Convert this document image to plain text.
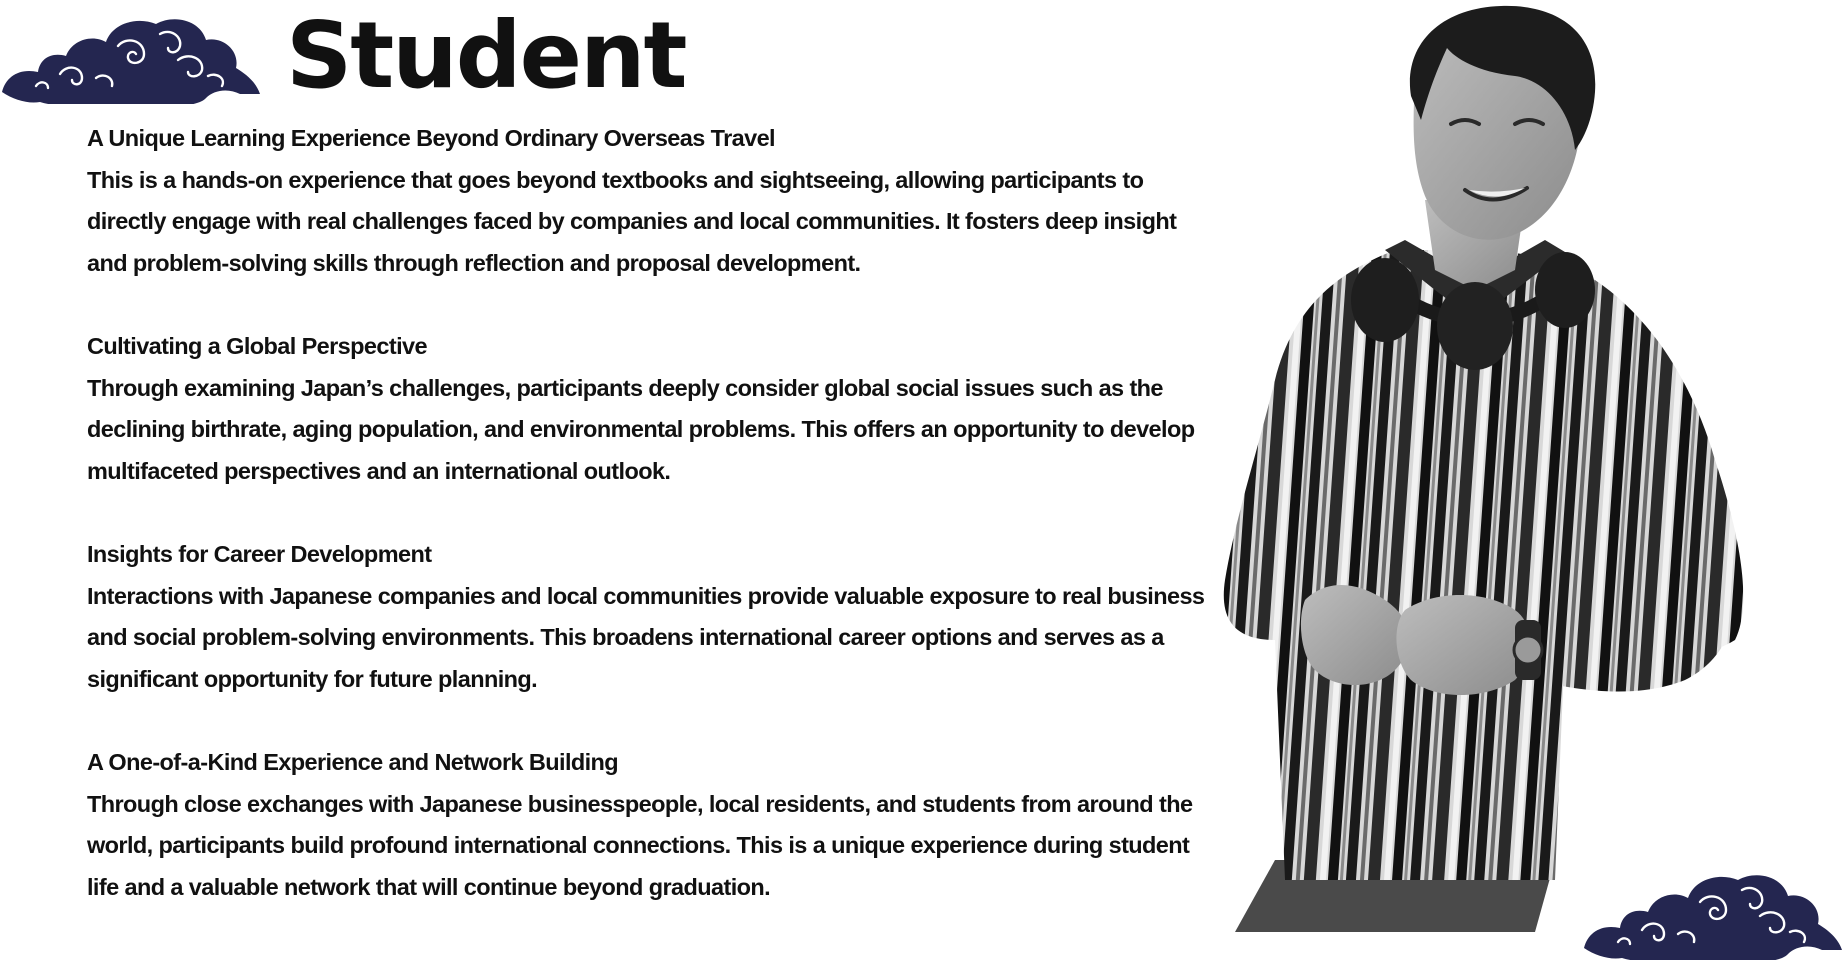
Student
A Unique Learning Experience Beyond Ordinary Overseas Travel

This is a hands-on experience that goes beyond textbooks and sightseeing, allowing participants to directly engage with real challenges faced by companies and local communities. It fosters deep insight and problem-solving skills through reflection and proposal development.

Cultivating a Global Perspective

Through examining Japan’s challenges, participants deeply consider global social issues such as the declining birthrate, aging population, and environmental problems. This offers an opportunity to develop multifaceted perspectives and an international outlook.

Insights for Career Development

Interactions with Japanese companies and local communities provide valuable exposure to real business and social problem-solving environments. This broadens international career options and serves as a significant opportunity for future planning.

A One-of-a-Kind Experience and Network Building

Through close exchanges with Japanese businesspeople, local residents, and students from around the world, participants build profound international connections. This is a unique experience during student life and a valuable network that will continue beyond graduation.
